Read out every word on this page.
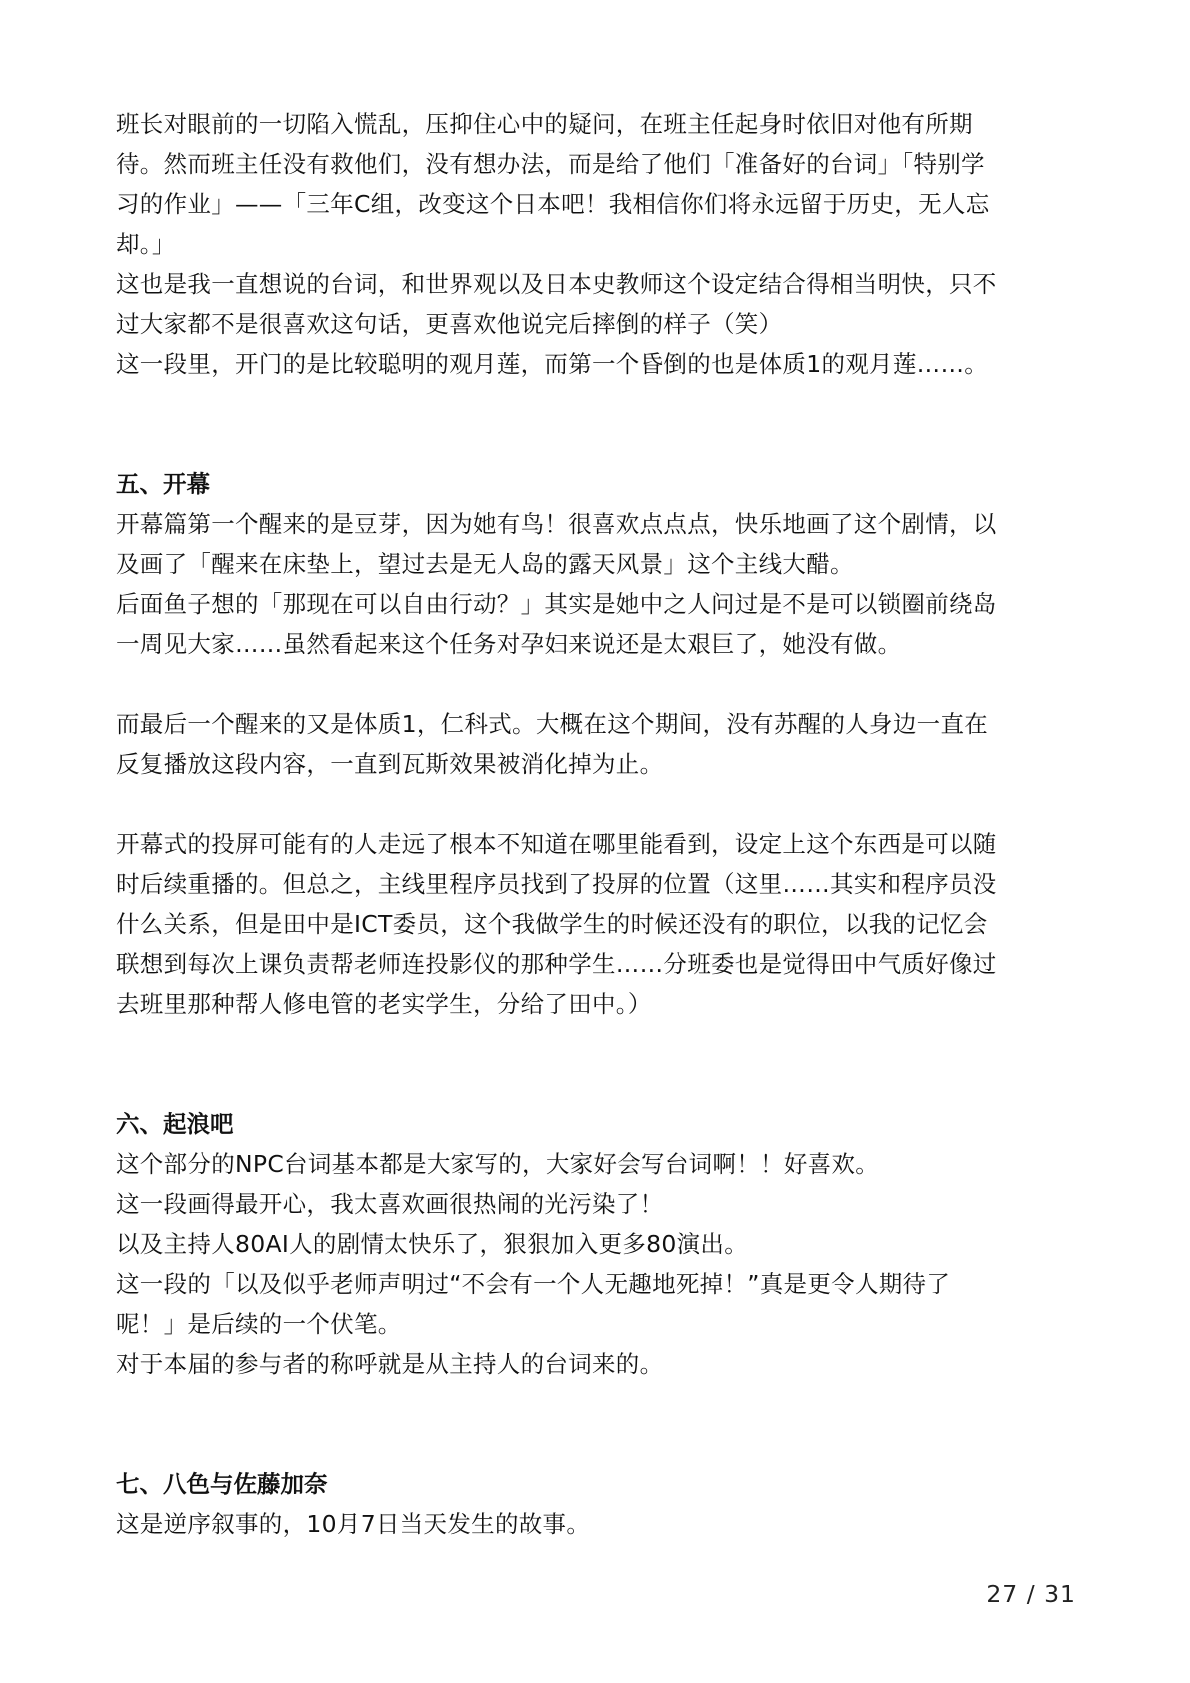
班长对眼前的一切陷入慌乱，压抑住心中的疑问，在班主任起身时依旧对他有所期
待。然而班主任没有救他们，没有想办法，而是给了他们「准备好的台词」「特别学
习的作业」——「三年C组，改变这个日本吧！我相信你们将永远留于历史，无人忘
却。」
这也是我一直想说的台词，和世界观以及日本史教师这个设定结合得相当明快，只不
过大家都不是很喜欢这句话，更喜欢他说完后摔倒的样子（笑）
这一段里，开门的是比较聪明的观月莲，而第一个昏倒的也是体质1的观月莲……。
五、开幕
开幕篇第一个醒来的是豆芽，因为她有鸟！很喜欢点点点，快乐地画了这个剧情，以
及画了「醒来在床垫上，望过去是无人岛的露天风景」这个主线大醋。
后面鱼子想的「那现在可以自由行动？」其实是她中之人问过是不是可以锁圈前绕岛
一周见大家……虽然看起来这个任务对孕妇来说还是太艰巨了，她没有做。
而最后一个醒来的又是体质1，仁科式。大概在这个期间，没有苏醒的人身边一直在
反复播放这段内容，一直到瓦斯效果被消化掉为止。
开幕式的投屏可能有的人走远了根本不知道在哪里能看到，设定上这个东西是可以随
时后续重播的。但总之，主线里程序员找到了投屏的位置（这里……其实和程序员没
什么关系，但是田中是ICT委员，这个我做学生的时候还没有的职位，以我的记忆会
联想到每次上课负责帮老师连投影仪的那种学生……分班委也是觉得田中气质好像过
去班里那种帮人修电管的老实学生，分给了田中。）
六、起浪吧
这个部分的NPC台词基本都是大家写的，大家好会写台词啊！！好喜欢。
这一段画得最开心，我太喜欢画很热闹的光污染了！
以及主持人80AI人的剧情太快乐了，狠狠加入更多80演出。
这一段的「以及似乎老师声明过“不会有一个人无趣地死掉！”真是更令人期待了
呢！」是后续的一个伏笔。
对于本届的参与者的称呼就是从主持人的台词来的。
七、八色与佐藤加奈
这是逆序叙事的，10月7日当天发生的故事。
27 / 31
